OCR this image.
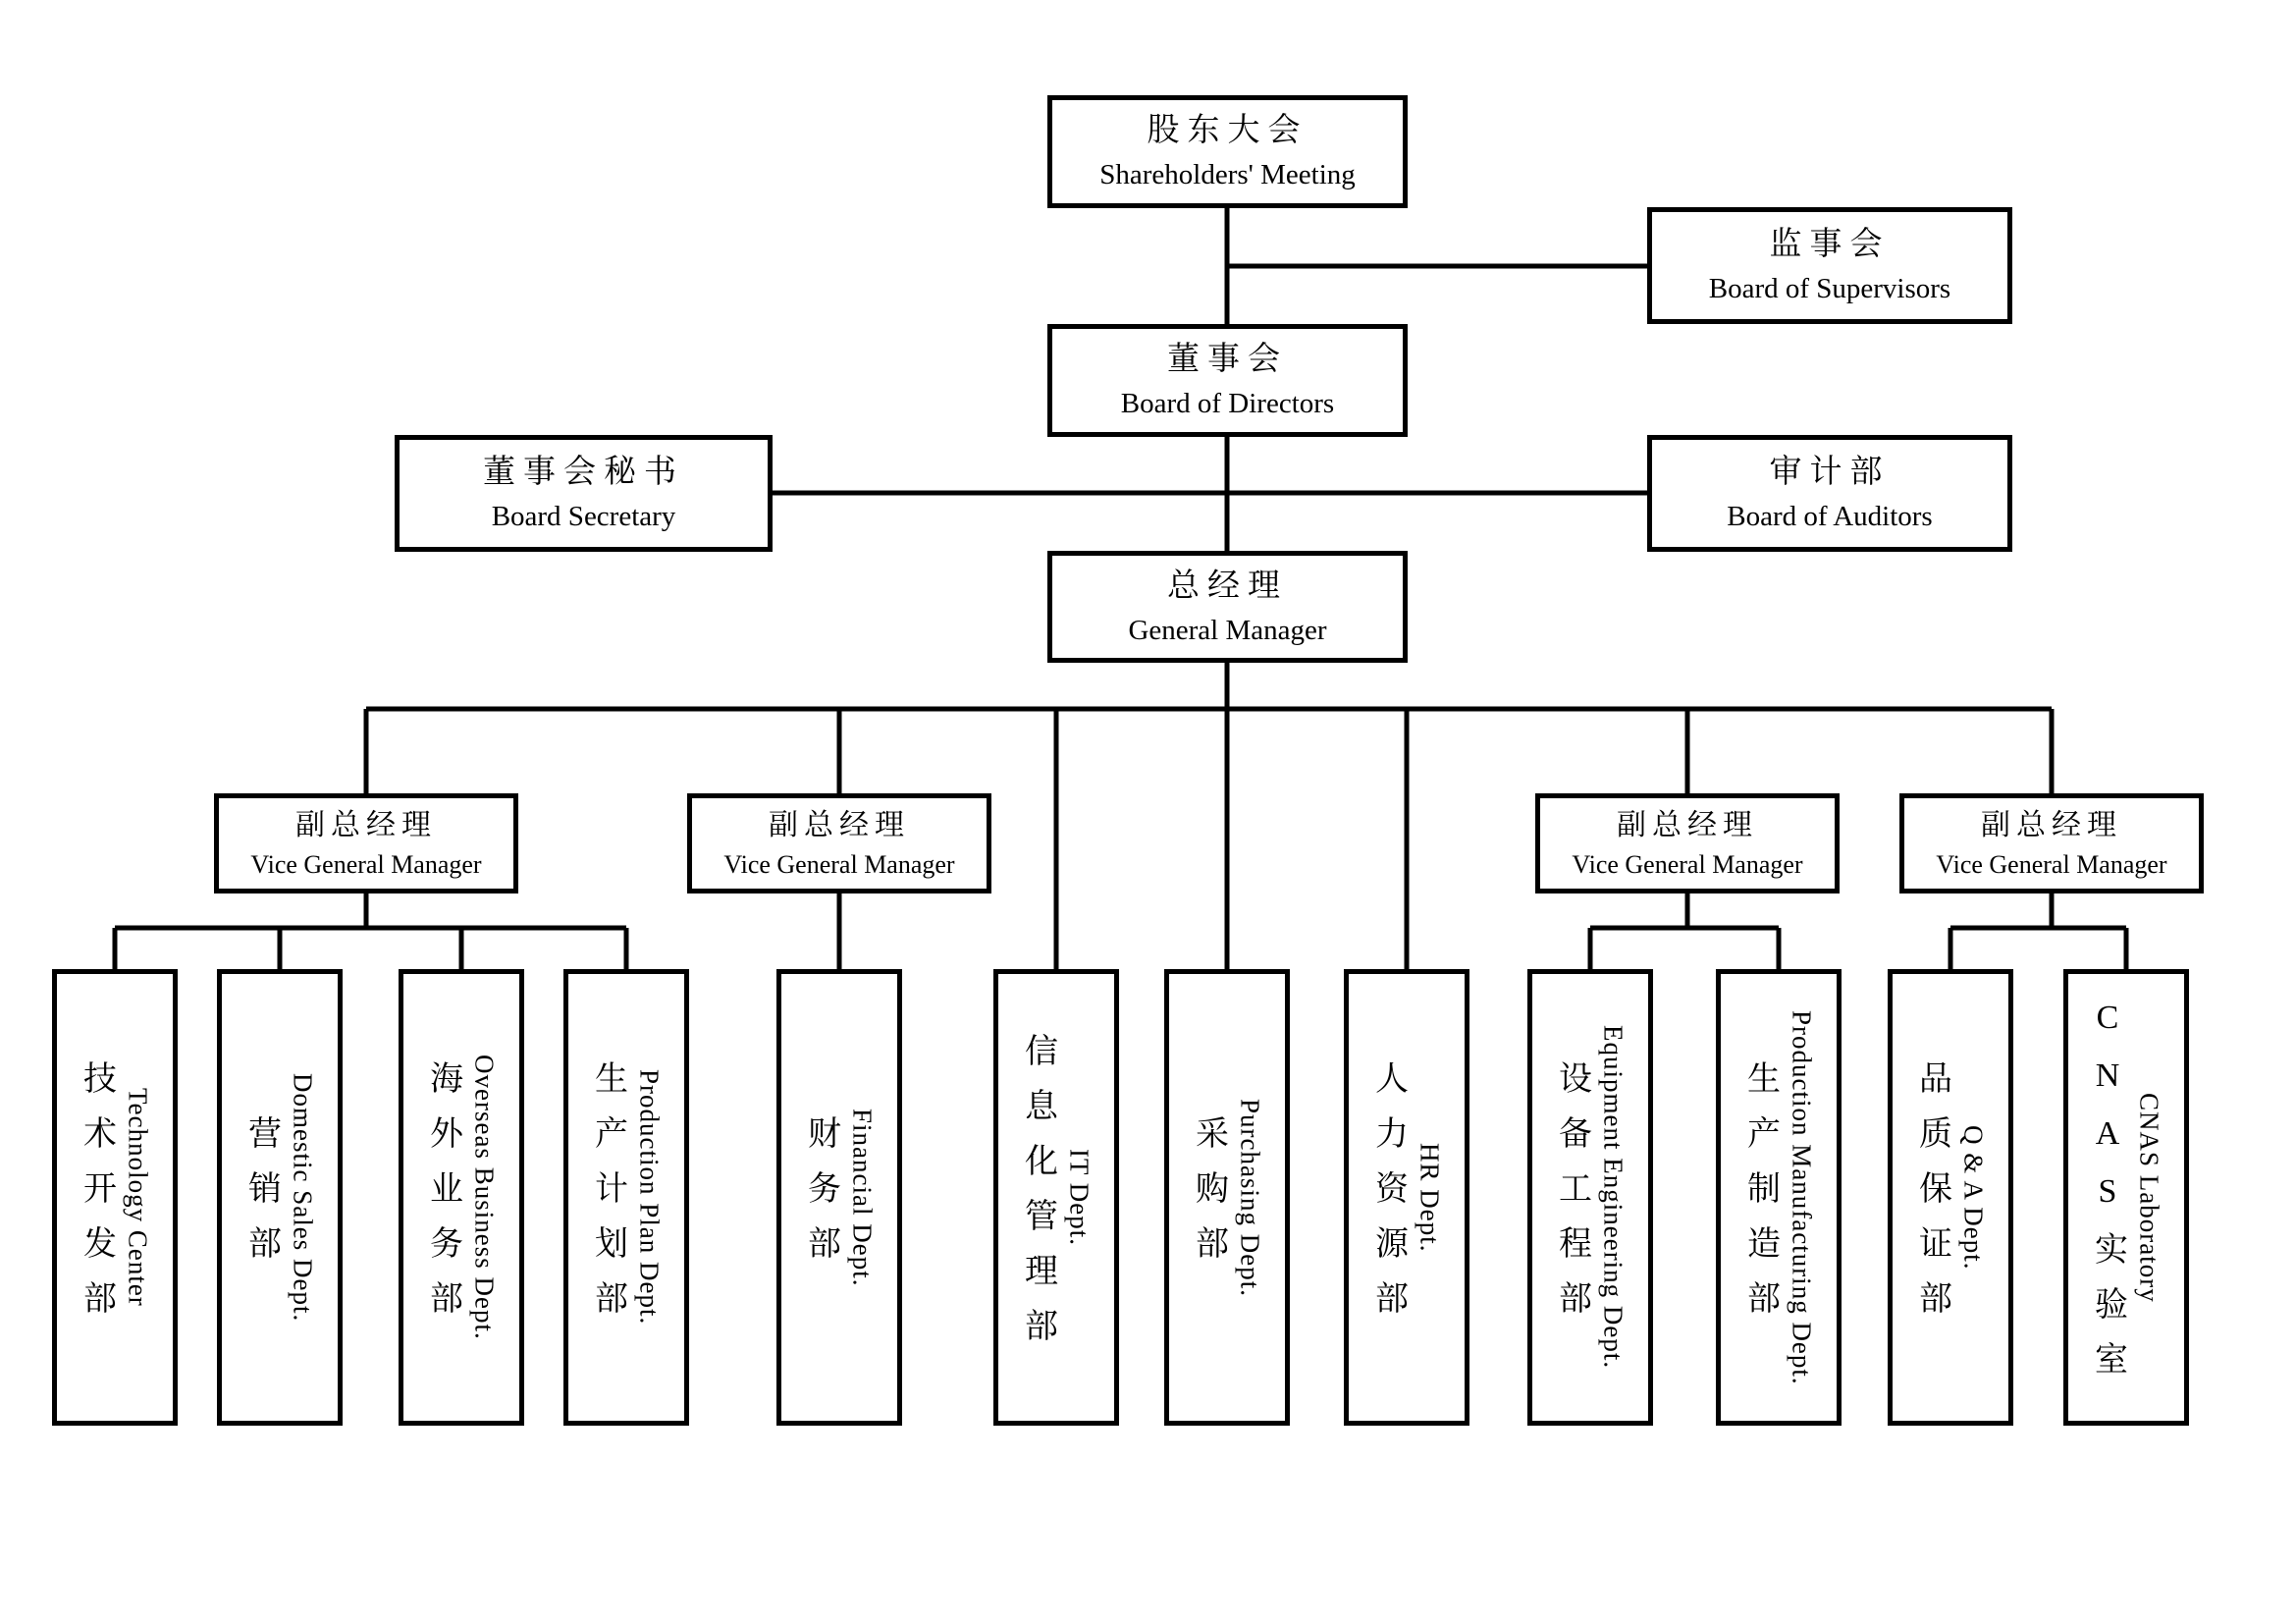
股东大会
Shareholders' Meeting
监事会
Board of Supervisors
董事会
Board of Directors
董事会秘书
Board Secretary
审计部
Board of Auditors
总经理
General Manager
副总经理
Vice General Manager
副总经理
Vice General Manager
副总经理
Vice General Manager
副总经理
Vice General Manager
技术开发部 Technology Center	营销部 Domestic Sales Dept.	海外业务部 Overseas Business Dept.	生产计划部 Production Plan Dept.	财务部 Financial Dept.	信息化管理部 IT Dept.	采购部 Purchasing Dept.	人力资源部 HR Dept.	设备工程部 Equipment Engineering Dept.	生产制造部 Production Manufacturing Dept.	品质保证部 Q & A Dept.	CNAS实验室 CNAS Laboratory
